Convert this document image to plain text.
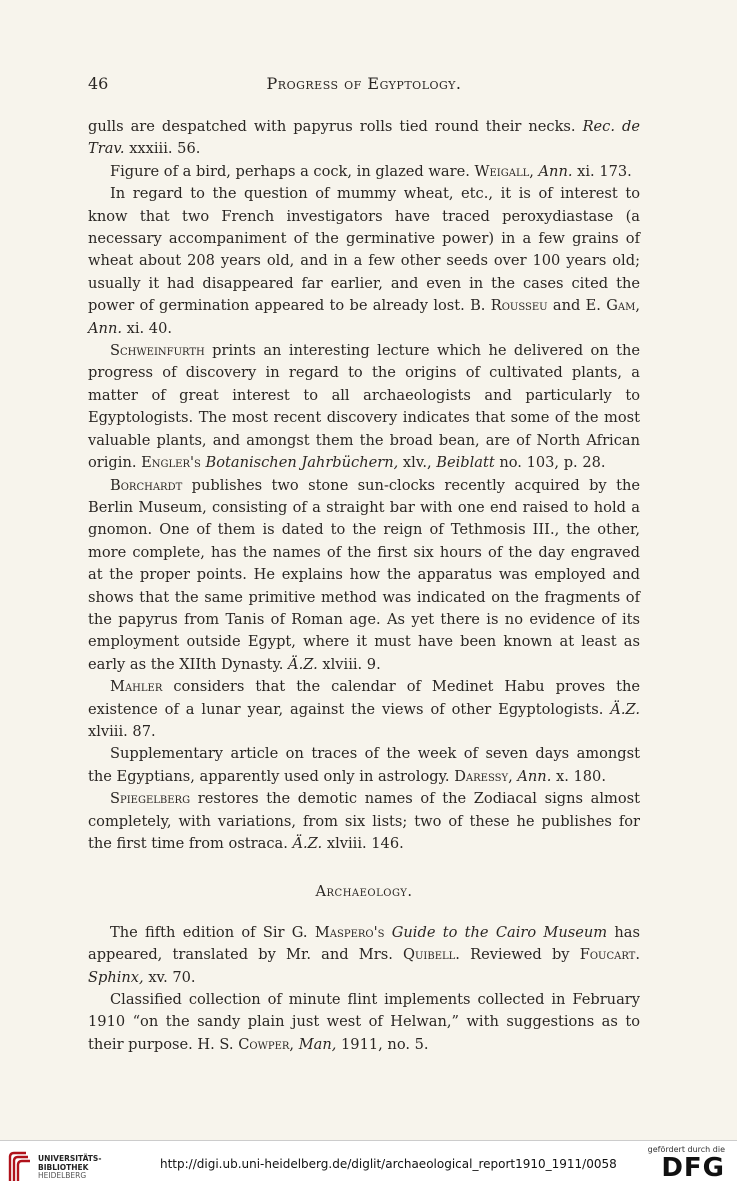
46	Progress of Egyptology.

gulls are despatched with papyrus rolls tied round their necks. Rec. de Trav. xxxiii. 56.

Figure of a bird, perhaps a cock, in glazed ware. Weigall, Ann. xi. 173.

In regard to the question of mummy wheat, etc., it is of interest to know that two French investigators have traced peroxydiastase (a necessary accompaniment of the germinative power) in a few grains of wheat about 208 years old, and in a few other seeds over 100 years old; usually it had disappeared far earlier, and even in the cases cited the power of germination appeared to be already lost. B. Rousseu and E. Gam, Ann. xi. 40.

Schweinfurth prints an interesting lecture which he delivered on the progress of discovery in regard to the origins of cultivated plants, a matter of great interest to all archaeologists and particularly to Egyptologists. The most recent discovery indicates that some of the most valuable plants, and amongst them the broad bean, are of North African origin. Engler's Botanischen Jahrbüchern, xlv., Beiblatt no. 103, p. 28.

Borchardt publishes two stone sun-clocks recently acquired by the Berlin Museum, consisting of a straight bar with one end raised to hold a gnomon. One of them is dated to the reign of Tethmosis III., the other, more complete, has the names of the first six hours of the day engraved at the proper points. He explains how the apparatus was employed and shows that the same primitive method was indicated on the fragments of the papyrus from Tanis of Roman age. As yet there is no evidence of its employment outside Egypt, where it must have been known at least as early as the XIIth Dynasty. Ä.Z. xlviii. 9.

Mahler considers that the calendar of Medinet Habu proves the existence of a lunar year, against the views of other Egyptologists. Ä.Z. xlviii. 87.

Supplementary article on traces of the week of seven days amongst the Egyptians, apparently used only in astrology. Daressy, Ann. x. 180.

Spiegelberg restores the demotic names of the Zodiacal signs almost completely, with variations, from six lists; two of these he publishes for the first time from ostraca. Ä.Z. xlviii. 146.

Archaeology.

The fifth edition of Sir G. Maspero's Guide to the Cairo Museum has appeared, translated by Mr. and Mrs. Quibell. Reviewed by Foucart. Sphinx, xv. 70.

Classified collection of minute flint implements collected in February 1910 “on the sandy plain just west of Helwan,” with suggestions as to their purpose. H. S. Cowper, Man, 1911, no. 5.

UNIVERSITÄTS-
BIBLIOTHEK
HEIDELBERG
http://digi.ub.uni-heidelberg.de/diglit/archaeological_report1910_1911/0058
gefördert durch die
DFG
